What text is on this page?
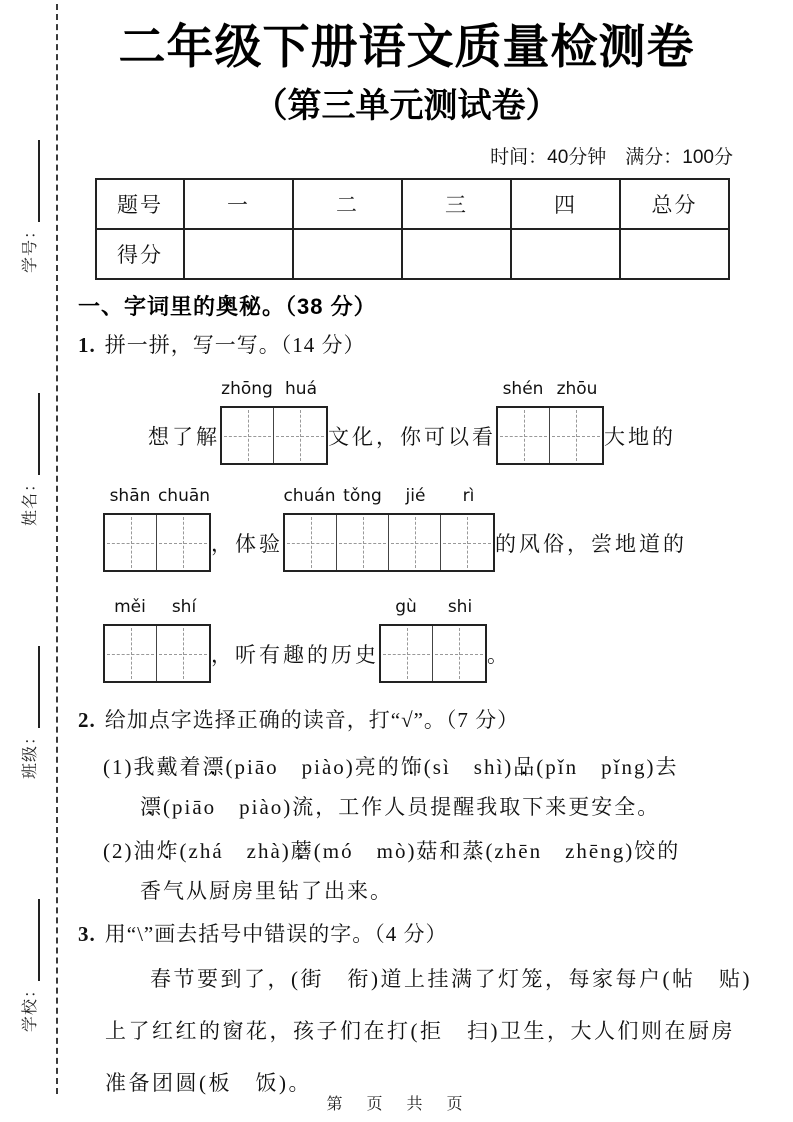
学号：
姓名：
班级：
学校：
二年级下册语文质量检测卷
（第三单元测试卷）
时间：40分钟　满分：100分
题号	一	二	三	四	总分
得分					
一、字词里的奥秘。（38 分）
1. 拼一拼，写一写。（14 分）
想了解
zhōng huá
文化，你可以看
shén zhōu
大地的
shān chuān
，体验
chuán tǒng	jié	rì
的风俗，尝地道的
měi	shí
，听有趣的历史
gù	shi
。
2. 给加点字选择正确的读音，打“√”。（7 分）
(1)我戴着漂 •(piāo　piào)亮的饰 •(sì　shì)品 •(pǐn　pǐng)去
漂 •(piāo　piào)流，工作人员提醒我取下来更安全。
(2)油炸 •(zhá　zhà)蘑 •(mó　mò)菇和蒸 •(zhēn　zhēng)饺的
香气从厨房里钻了出来。
3. 用“\”画去括号中错误的字。（4 分）
春节要到了，(街　衔)道上挂满了灯笼，每家每户(帖　贴)
上了红红的窗花，孩子们在打(拒　扫)卫生，大人们则在厨房
准备团圆(板　饭)。
第　页　共　页
